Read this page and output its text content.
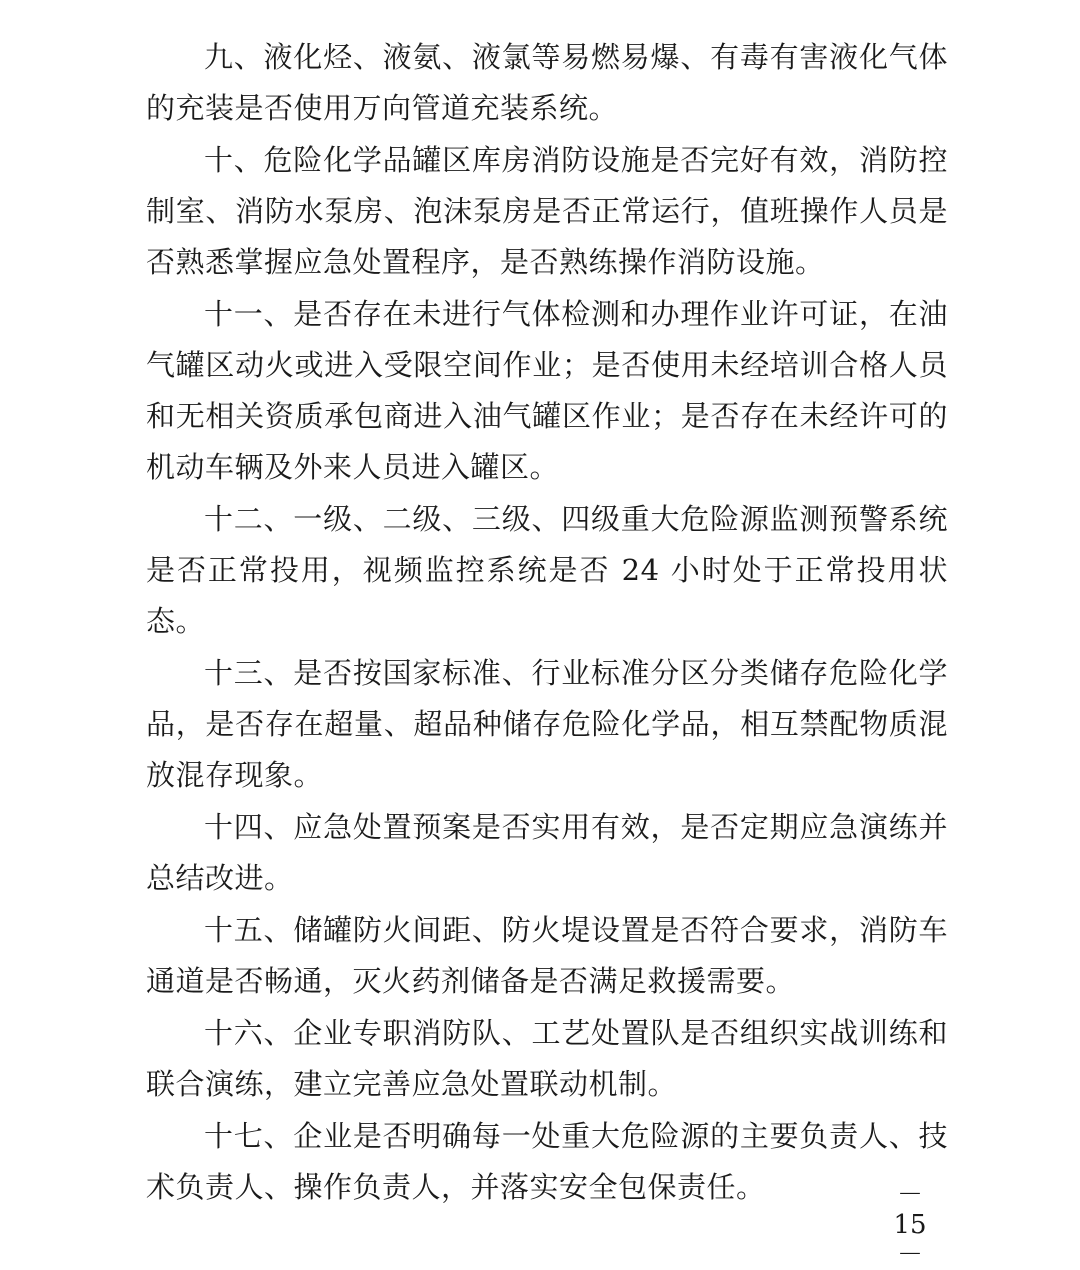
九、液化烃、液氨、液氯等易燃易爆、有毒有害液化气体的充装是否使用万向管道充装系统。

十、危险化学品罐区库房消防设施是否完好有效，消防控制室、消防水泵房、泡沫泵房是否正常运行，值班操作人员是否熟悉掌握应急处置程序，是否熟练操作消防设施。

十一、是否存在未进行气体检测和办理作业许可证，在油气罐区动火或进入受限空间作业；是否使用未经培训合格人员和无相关资质承包商进入油气罐区作业；是否存在未经许可的机动车辆及外来人员进入罐区。

十二、一级、二级、三级、四级重大危险源监测预警系统是否正常投用，视频监控系统是否 24 小时处于正常投用状态。

十三、是否按国家标准、行业标准分区分类储存危险化学品，是否存在超量、超品种储存危险化学品，相互禁配物质混放混存现象。

十四、应急处置预案是否实用有效，是否定期应急演练并总结改进。

十五、储罐防火间距、防火堤设置是否符合要求，消防车通道是否畅通，灭火药剂储备是否满足救援需要。

十六、企业专职消防队、工艺处置队是否组织实战训练和联合演练，建立完善应急处置联动机制。

十七、企业是否明确每一处重大危险源的主要负责人、技术负责人、操作负责人，并落实安全包保责任。	－ 15 －
